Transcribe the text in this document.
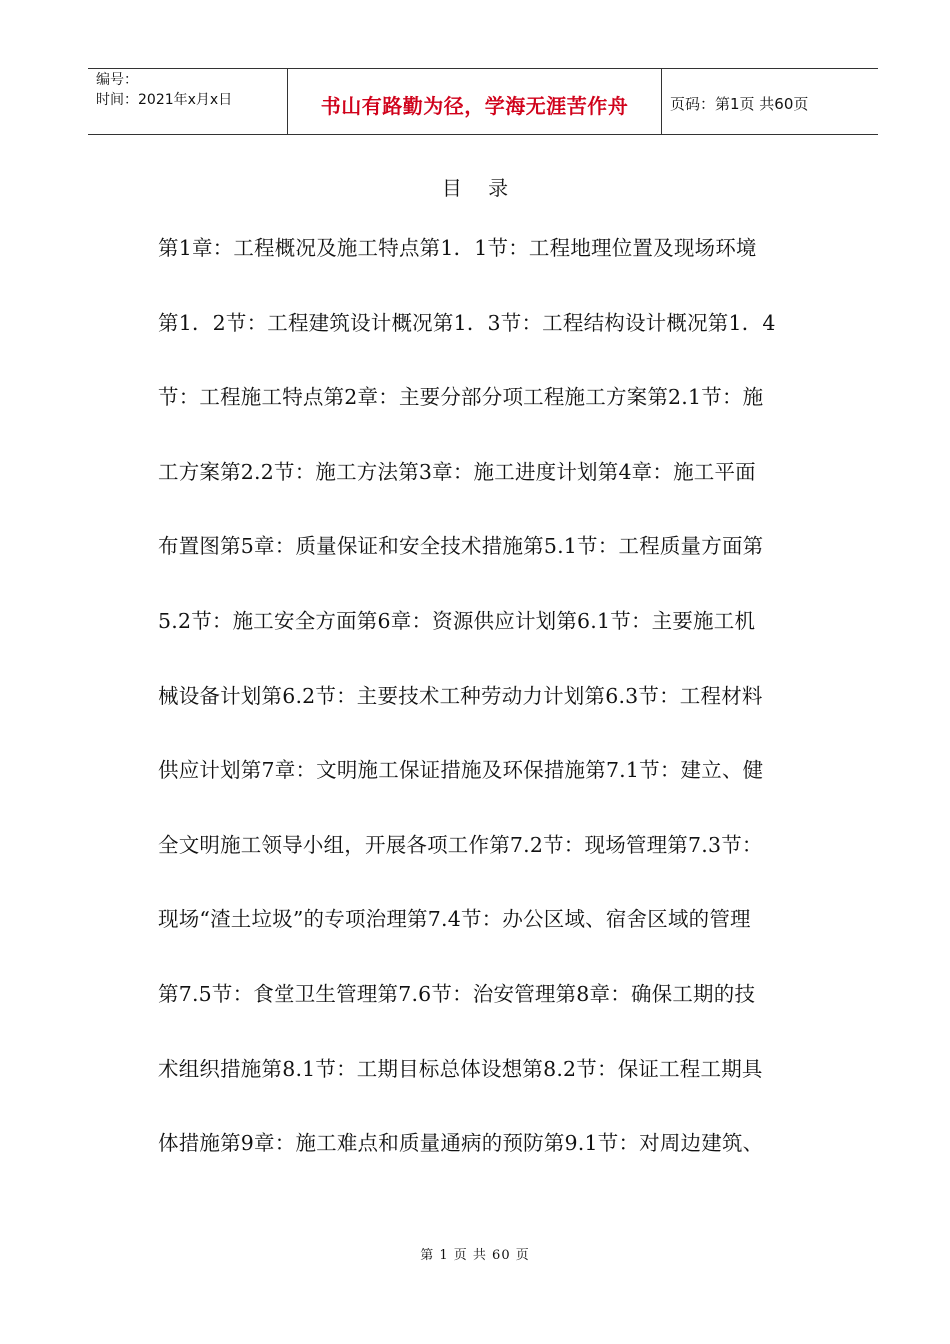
编号：
时间：2021年x月x日	书山有路勤为径，学海无涯苦作舟	页码：第1页 共60页
目 录
第1章：工程概况及施工特点第1．1节：工程地理位置及现场环境
第1．2节：工程建筑设计概况第1．3节：工程结构设计概况第1．4
节：工程施工特点第2章：主要分部分项工程施工方案第2.1节：施
工方案第2.2节：施工方法第3章：施工进度计划第4章：施工平面
布置图第5章：质量保证和安全技术措施第5.1节：工程质量方面第
5.2节：施工安全方面第6章：资源供应计划第6.1节：主要施工机
械设备计划第6.2节：主要技术工种劳动力计划第6.3节：工程材料
供应计划第7章：文明施工保证措施及环保措施第7.1节：建立、健
全文明施工领导小组，开展各项工作第7.2节：现场管理第7.3节：
现场“渣土垃圾”的专项治理第7.4节：办公区域、宿舍区域的管理
第7.5节：食堂卫生管理第7.6节：治安管理第8章：确保工期的技
术组织措施第8.1节：工期目标总体设想第8.2节：保证工程工期具
体措施第9章：施工难点和质量通病的预防第9.1节：对周边建筑、
第 1 页 共 60 页
